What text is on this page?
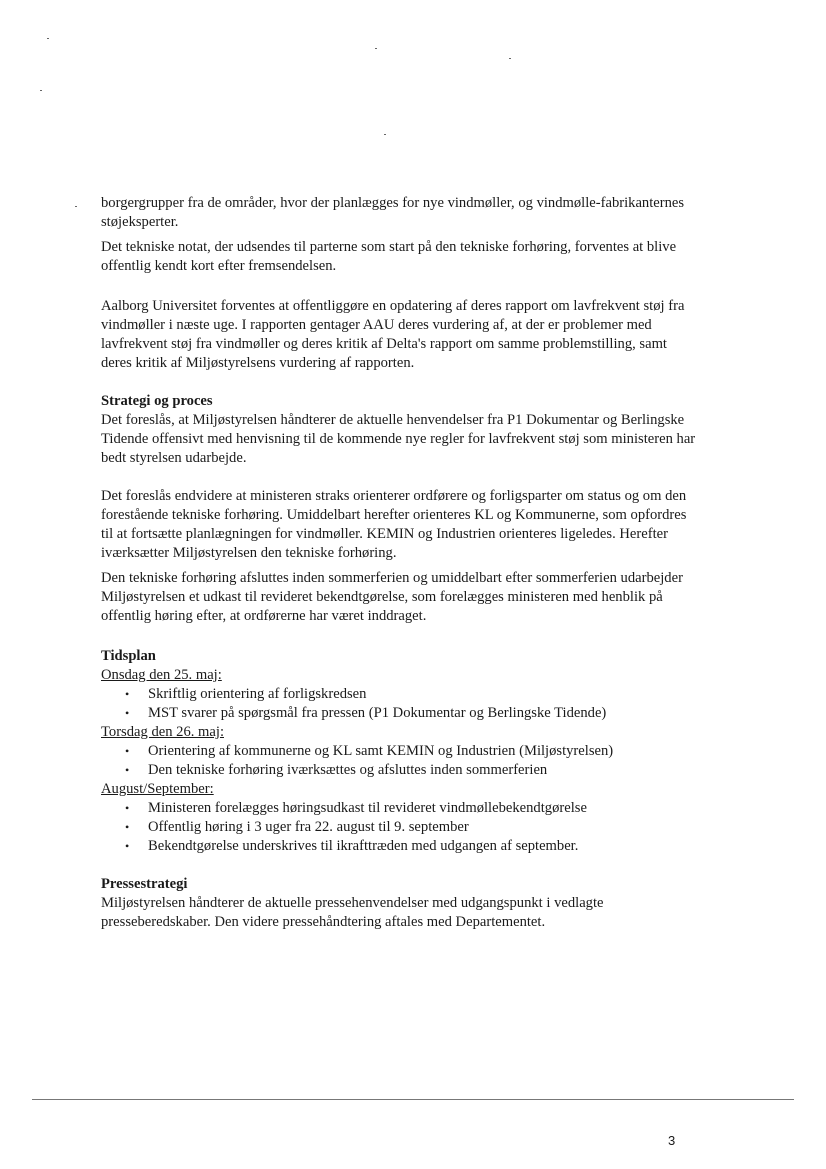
borgergrupper fra de områder, hvor der planlægges for nye vindmøller, og vindmølle-fabrikanternes støjeksperter.

Det tekniske notat, der udsendes til parterne som start på den tekniske forhøring, forventes at blive offentlig kendt kort efter fremsendelsen.

Aalborg Universitet forventes at offentliggøre en opdatering af deres rapport om lavfrekvent støj fra vindmøller i næste uge. I rapporten gentager AAU deres vurdering af, at der er problemer med lavfrekvent støj fra vindmøller og deres kritik af Delta's rapport om samme problemstilling, samt deres kritik af Miljøstyrelsens vurdering af rapporten.

Strategi og proces

Det foreslås, at Miljøstyrelsen håndterer de aktuelle henvendelser fra P1 Dokumentar og Berlingske Tidende offensivt med henvisning til de kommende nye regler for lavfrekvent støj som ministeren har bedt styrelsen udarbejde.

Det foreslås endvidere at ministeren straks orienterer ordførere og forligsparter om status og om den forestående tekniske forhøring. Umiddelbart herefter orienteres KL og Kommunerne, som opfordres til at fortsætte planlægningen for vindmøller. KEMIN og Industrien orienteres ligeledes. Herefter iværksætter Miljøstyrelsen den tekniske forhøring.

Den tekniske forhøring afsluttes inden sommerferien og umiddelbart efter sommerferien udarbejder Miljøstyrelsen et udkast til revideret bekendtgørelse, som forelægges ministeren med henblik på offentlig høring efter, at ordførerne har været inddraget.

Tidsplan

Onsdag den 25. maj:

• Skriftlig orientering af forligskredsen
• MST svarer på spørgsmål fra pressen (P1 Dokumentar og Berlingske Tidende)

Torsdag den 26. maj:

• Orientering af kommunerne og KL samt KEMIN og Industrien (Miljøstyrelsen)
• Den tekniske forhøring iværksættes og afsluttes inden sommerferien

August/September:

• Ministeren forelægges høringsudkast til revideret vindmøllebekendtgørelse
• Offentlig høring i 3 uger fra 22. august til 9. september
• Bekendtgørelse underskrives til ikrafttræden med udgangen af september.

Pressestrategi

Miljøstyrelsen håndterer de aktuelle pressehenvendelser med udgangspunkt i vedlagte presseberedskaber. Den videre pressehåndtering aftales med Departementet.

3
